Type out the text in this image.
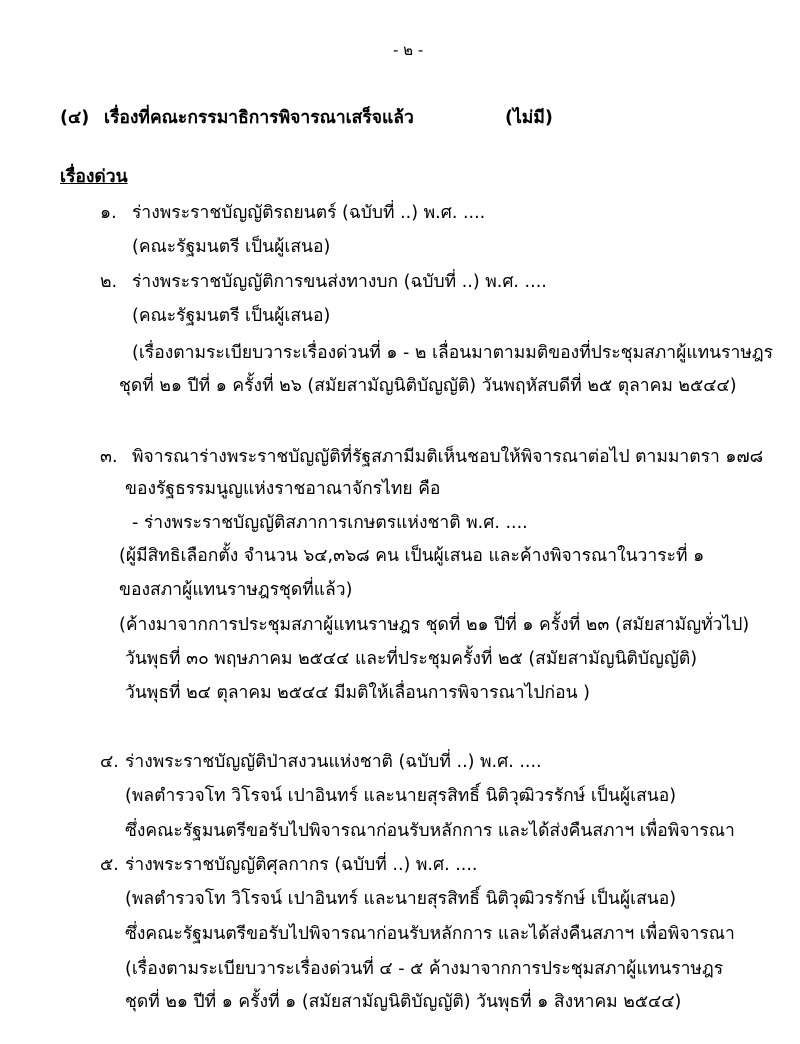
- ๒ -
(๔) เรื่องที่คณะกรรมาธิการพิจารณาเสร็จแล้ว	(ไม่มี)
เรื่องด่วน
๑. ร่างพระราชบัญญัติรถยนตร์ (ฉบับที่ ..) พ.ศ. ....
(คณะรัฐมนตรี เป็นผู้เสนอ)
๒. ร่างพระราชบัญญัติการขนส่งทางบก (ฉบับที่ ..) พ.ศ. ....
(คณะรัฐมนตรี เป็นผู้เสนอ)
(เรื่องตามระเบียบวาระเรื่องด่วนที่ ๑ - ๒ เลื่อนมาตามมติของที่ประชุมสภาผู้แทนราษฎร
ชุดที่ ๒๑ ปีที่ ๑ ครั้งที่ ๒๖ (สมัยสามัญนิติบัญญัติ) วันพฤหัสบดีที่ ๒๕ ตุลาคม ๒๕๔๔)
๓. พิจารณาร่างพระราชบัญญัติที่รัฐสภามีมติเห็นชอบให้พิจารณาต่อไป ตามมาตรา ๑๗๘
ของรัฐธรรมนูญแห่งราชอาณาจักรไทย คือ
- ร่างพระราชบัญญัติสภาการเกษตรแห่งชาติ พ.ศ. ....
(ผู้มีสิทธิเลือกตั้ง จำนวน ๖๔,๓๖๘ คน เป็นผู้เสนอ และค้างพิจารณาในวาระที่ ๑
ของสภาผู้แทนราษฎรชุดที่แล้ว)
(ค้างมาจากการประชุมสภาผู้แทนราษฎร ชุดที่ ๒๑ ปีที่ ๑ ครั้งที่ ๒๓ (สมัยสามัญทั่วไป)
วันพุธที่ ๓๐ พฤษภาคม ๒๕๔๔ และที่ประชุมครั้งที่ ๒๕ (สมัยสามัญนิติบัญญัติ)
วันพุธที่ ๒๔ ตุลาคม ๒๕๔๔ มีมติให้เลื่อนการพิจารณาไปก่อน )
๔. ร่างพระราชบัญญัติป่าสงวนแห่งชาติ (ฉบับที่ ..) พ.ศ. ....
(พลตำรวจโท วิโรจน์ เปาอินทร์ และนายสุรสิทธิ์ นิติวุฒิวรรักษ์ เป็นผู้เสนอ)
ซึ่งคณะรัฐมนตรีขอรับไปพิจารณาก่อนรับหลักการ และได้ส่งคืนสภาฯ เพื่อพิจารณา
๕. ร่างพระราชบัญญัติศุลกากร (ฉบับที่ ..) พ.ศ. ....
(พลตำรวจโท วิโรจน์ เปาอินทร์ และนายสุรสิทธิ์ นิติวุฒิวรรักษ์ เป็นผู้เสนอ)
ซึ่งคณะรัฐมนตรีขอรับไปพิจารณาก่อนรับหลักการ และได้ส่งคืนสภาฯ เพื่อพิจารณา
(เรื่องตามระเบียบวาระเรื่องด่วนที่ ๔ - ๕ ค้างมาจากการประชุมสภาผู้แทนราษฎร
ชุดที่ ๒๑ ปีที่ ๑ ครั้งที่ ๑ (สมัยสามัญนิติบัญญัติ) วันพุธที่ ๑ สิงหาคม ๒๕๔๔)
